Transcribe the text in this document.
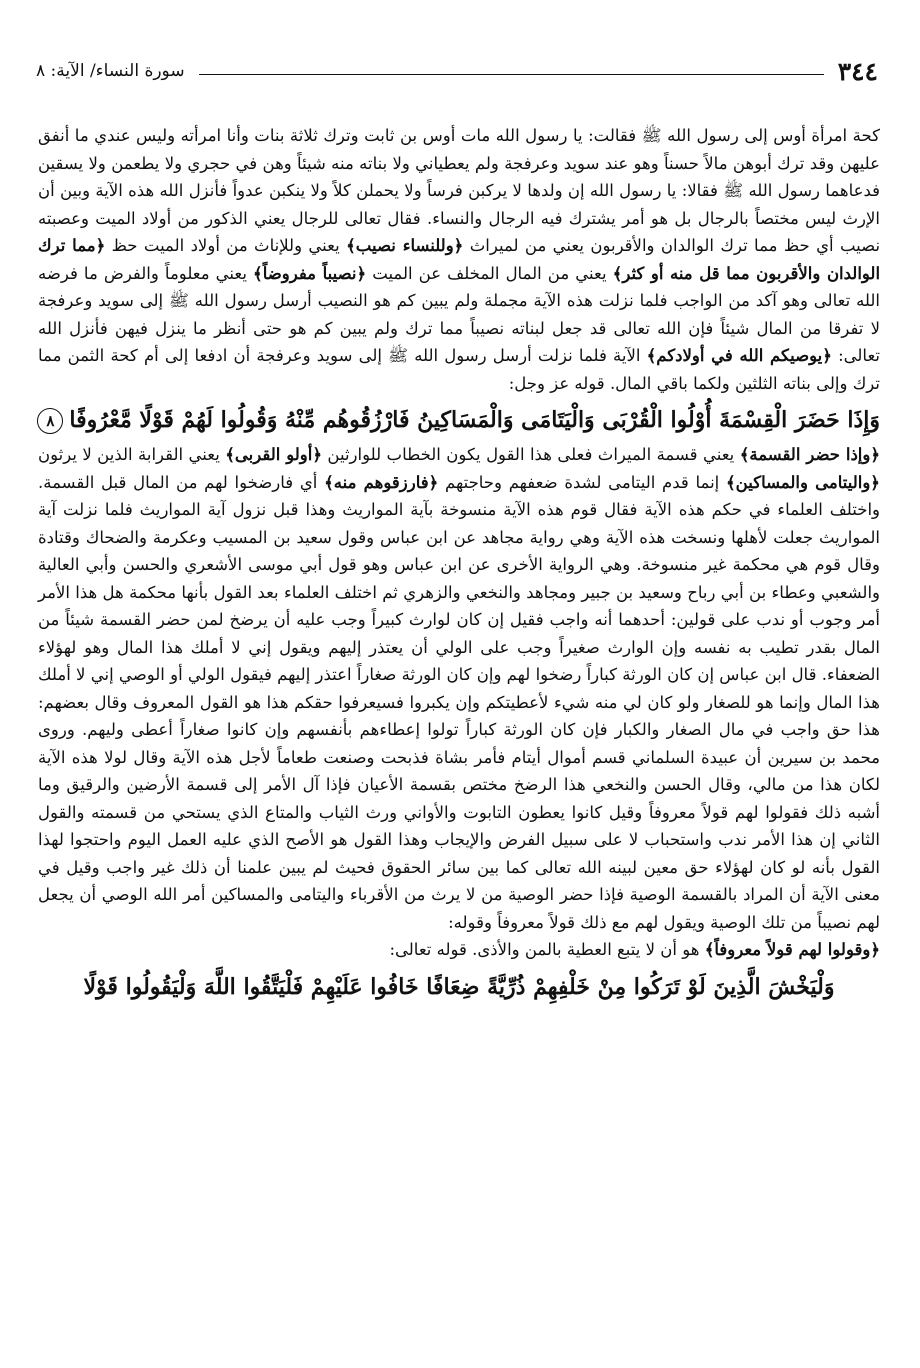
٣٤٤
سورة النساء/ الآية: ٨

كحة امرأة أوس إلى رسول الله ﷺ فقالت: يا رسول الله مات أوس بن ثابت وترك ثلاثة بنات وأنا امرأته وليس عندي ما أنفق عليهن وقد ترك أبوهن مالاً حسناً وهو عند سويد وعرفجة ولم يعطياني ولا بناته منه شيئاً وهن في حجري ولا يطعمن ولا يسقين فدعاهما رسول الله ﷺ فقالا: يا رسول الله إن ولدها لا يركبن فرساً ولا يحملن كلاً ولا ينكبن عدواً فأنزل الله هذه الآية وبين أن الإرث ليس مختصاً بالرجال بل هو أمر يشترك فيه الرجال والنساء. فقال تعالى للرجال يعني الذكور من أولاد الميت وعصبته نصيب أي حظ مما ترك الوالدان والأقربون يعني من لميراث ﴿وللنساء نصيب﴾ يعني وللإناث من أولاد الميت حظ ﴿مما ترك الوالدان والأقربون مما قل منه أو كثر﴾ يعني من المال المخلف عن الميت ﴿نصيباً مفروضاً﴾ يعني معلوماً والفرض ما فرضه الله تعالى وهو آكد من الواجب فلما نزلت هذه الآية مجملة ولم يبين كم هو النصيب أرسل رسول الله ﷺ إلى سويد وعرفجة لا تفرقا من المال شيئاً فإن الله تعالى قد جعل لبناته نصيباً مما ترك ولم يبين كم هو حتى أنظر ما ينزل فيهن فأنزل الله تعالى: ﴿يوصيكم الله في أولادكم﴾ الآية فلما نزلت أرسل رسول الله ﷺ إلى سويد وعرفجة أن ادفعا إلى أم كحة الثمن مما ترك وإلى بناته الثلثين ولكما باقي المال. قوله عز وجل:

وَإِذَا حَضَرَ الْقِسْمَةَ أُوْلُوا الْقُرْبَى وَالْيَتَامَى وَالْمَسَاكِينُ فَارْزُقُوهُم مِّنْهُ وَقُولُوا لَهُمْ قَوْلًا مَّعْرُوفًا٨

﴿وإذا حضر القسمة﴾ يعني قسمة الميراث فعلى هذا القول يكون الخطاب للوارثين ﴿أولو القربى﴾ يعني القرابة الذين لا يرثون ﴿واليتامى والمساكين﴾ إنما قدم اليتامى لشدة ضعفهم وحاجتهم ﴿فارزقوهم منه﴾ أي فارضخوا لهم من المال قبل القسمة. واختلف العلماء في حكم هذه الآية فقال قوم هذه الآية منسوخة بآية المواريث وهذا قبل نزول آية المواريث فلما نزلت آية المواريث جعلت لأهلها ونسخت هذه الآية وهي رواية مجاهد عن ابن عباس وقول سعيد بن المسيب وعكرمة والضحاك وقتادة وقال قوم هي محكمة غير منسوخة. وهي الرواية الأخرى عن ابن عباس وهو قول أبي موسى الأشعري والحسن وأبي العالية والشعبي وعطاء بن أبي رباح وسعيد بن جبير ومجاهد والنخعي والزهري ثم اختلف العلماء بعد القول بأنها محكمة هل هذا الأمر أمر وجوب أو ندب على قولين: أحدهما أنه واجب فقيل إن كان لوارث كبيراً وجب عليه أن يرضخ لمن حضر القسمة شيئاً من المال بقدر تطيب به نفسه وإن الوارث صغيراً وجب على الولي أن يعتذر إليهم ويقول إني لا أملك هذا المال وهو لهؤلاء الضعفاء. قال ابن عباس إن كان الورثة كباراً رضخوا لهم وإن كان الورثة صغاراً اعتذر إليهم فيقول الولي أو الوصي إني لا أملك هذا المال وإنما هو للصغار ولو كان لي منه شيء لأعطيتكم وإن يكبروا فسيعرفوا حقكم هذا هو القول المعروف وقال بعضهم: هذا حق واجب في مال الصغار والكبار فإن كان الورثة كباراً تولوا إعطاءهم بأنفسهم وإن كانوا صغاراً أعطى وليهم. وروى محمد بن سيرين أن عبيدة السلماني قسم أموال أيتام فأمر بشاة فذبحت وصنعت طعاماً لأجل هذه الآية وقال لولا هذه الآية لكان هذا من مالي، وقال الحسن والنخعي هذا الرضخ مختص بقسمة الأعيان فإذا آل الأمر إلى قسمة الأرضين والرقيق وما أشبه ذلك فقولوا لهم قولاً معروفاً وقيل كانوا يعطون التابوت والأواني ورث الثياب والمتاع الذي يستحي من قسمته والقول الثاني إن هذا الأمر ندب واستحباب لا على سبيل الفرض والإيجاب وهذا القول هو الأصح الذي عليه العمل اليوم واحتجوا لهذا القول بأنه لو كان لهؤلاء حق معين لبينه الله تعالى كما بين سائر الحقوق فحيث لم يبين علمنا أن ذلك غير واجب وقيل في معنى الآية أن المراد بالقسمة الوصية فإذا حضر الوصية من لا يرث من الأقرباء واليتامى والمساكين أمر الله الوصي أن يجعل لهم نصيباً من تلك الوصية ويقول لهم مع ذلك قولاً معروفاً وقوله:

﴿وقولوا لهم قولاً معروفاً﴾ هو أن لا يتبع العطية بالمن والأذى. قوله تعالى:

وَلْيَخْشَ الَّذِينَ لَوْ تَرَكُوا مِنْ خَلْفِهِمْ ذُرِّيَّةً ضِعَافًا خَافُوا عَلَيْهِمْ فَلْيَتَّقُوا اللَّهَ وَلْيَقُولُوا قَوْلًا
